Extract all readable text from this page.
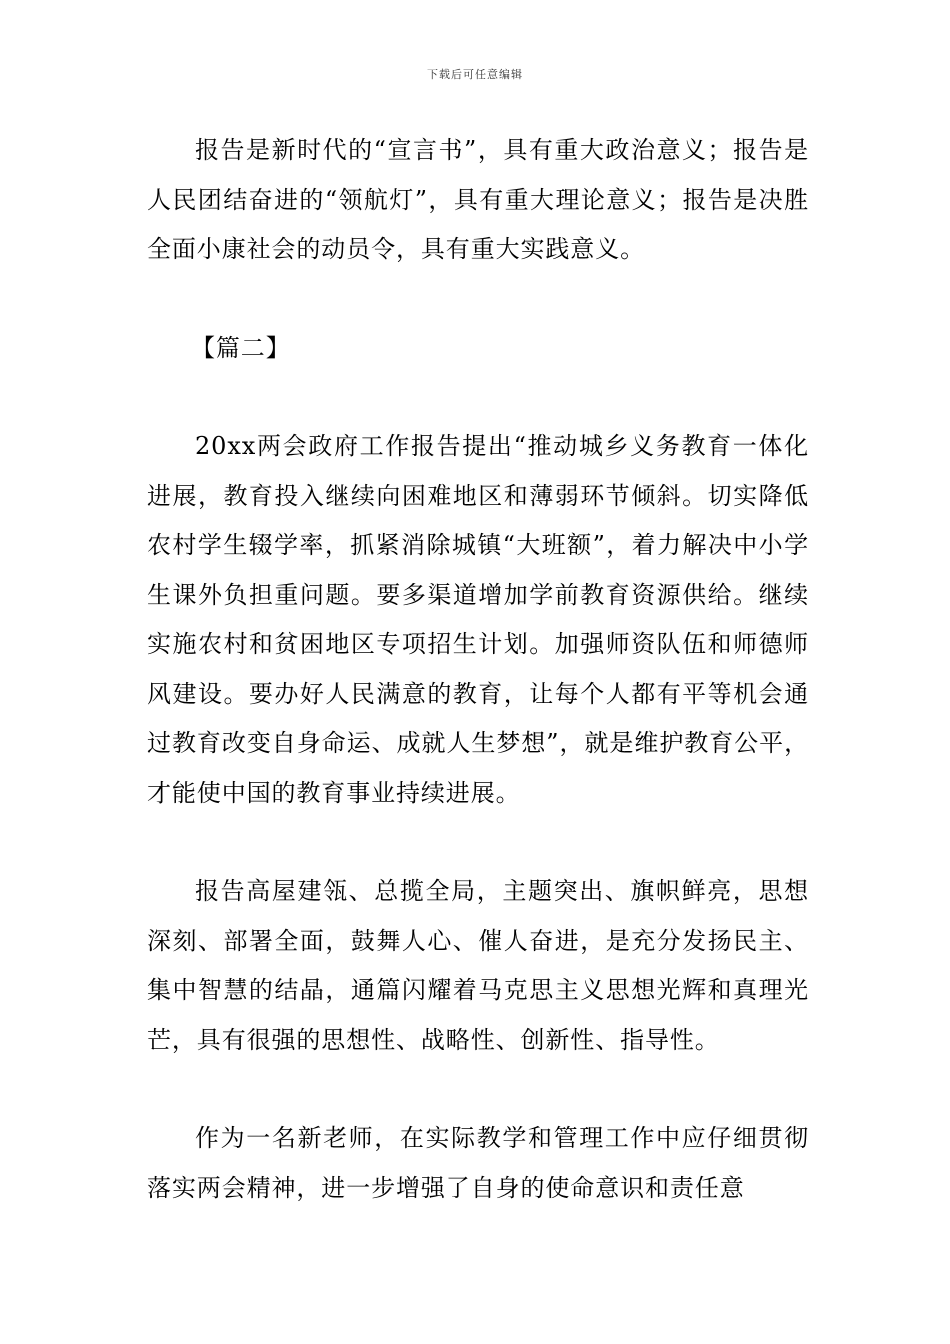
下载后可任意编辑

报告是新时代的“宣言书”，具有重大政治意义；报告是人民团结奋进的“领航灯”，具有重大理论意义；报告是决胜全面小康社会的动员令，具有重大实践意义。

【篇二】

20xx两会政府工作报告提出“推动城乡义务教育一体化进展，教育投入继续向困难地区和薄弱环节倾斜。切实降低农村学生辍学率，抓紧消除城镇“大班额”，着力解决中小学生课外负担重问题。要多渠道增加学前教育资源供给。继续实施农村和贫困地区专项招生计划。加强师资队伍和师德师风建设。要办好人民满意的教育，让每个人都有平等机会通过教育改变自身命运、成就人生梦想”，就是维护教育公平，才能使中国的教育事业持续进展。

报告高屋建瓴、总揽全局，主题突出、旗帜鲜亮，思想深刻、部署全面，鼓舞人心、催人奋进，是充分发扬民主、集中智慧的结晶，通篇闪耀着马克思主义思想光辉和真理光芒，具有很强的思想性、战略性、创新性、指导性。

作为一名新老师，在实际教学和管理工作中应仔细贯彻落实两会精神，进一步增强了自身的使命意识和责任意
